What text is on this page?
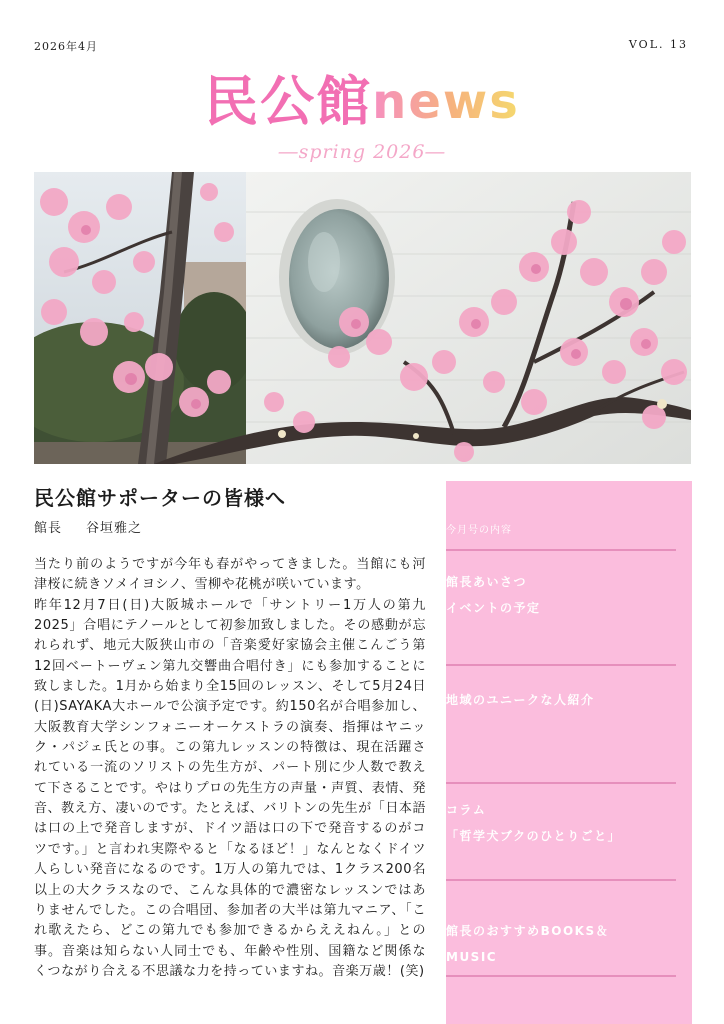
2026年4月	VOL. 13
民公館news
―spring 2026―
民公館サポーターの皆様へ
館長 谷垣雅之
当たり前のようですが今年も春がやってきました。当館にも河津桜に続きソメイヨシノ、雪柳や花桃が咲いています。
昨年12月7日(日)大阪城ホールで「サントリー1万人の第九2025」合唱にテノールとして初参加致しました。その感動が忘れられず、地元大阪狭山市の「音楽愛好家協会主催こんごう第12回ベートーヴェン第九交響曲合唱付き」にも参加することに致しました。1月から始まり全15回のレッスン、そして5月24日(日)SAYAKA大ホールで公演予定です。約150名が合唱参加し、大阪教育大学シンフォニーオーケストラの演奏、指揮はヤニック・パジェ氏との事。この第九レッスンの特徴は、現在活躍されている一流のソリストの先生方が、パート別に少人数で教えて下さることです。やはりプロの先生方の声量・声質、表情、発音、教え方、凄いのです。たとえば、バリトンの先生が「日本語は口の上で発音しますが、ドイツ語は口の下で発音するのがコツです。」と言われ実際やると「なるほど！」なんとなくドイツ人らしい発音になるのです。1万人の第九では、1クラス200名以上の大クラスなので、こんな具体的で濃密なレッスンではありませんでした。この合唱団、参加者の大半は第九マニア、「これ歌えたら、どこの第九でも参加できるからええねん。」との事。音楽は知らない人同士でも、年齢や性別、国籍など関係なくつながり合える不思議な力を持っていますね。音楽万歳！(笑)
今月号の内容
館長あいさつ
イベントの予定
地域のユニークな人紹介
コラム
「哲学犬ブクのひとりごと」
館長のおすすめBOOKS＆
MUSIC
